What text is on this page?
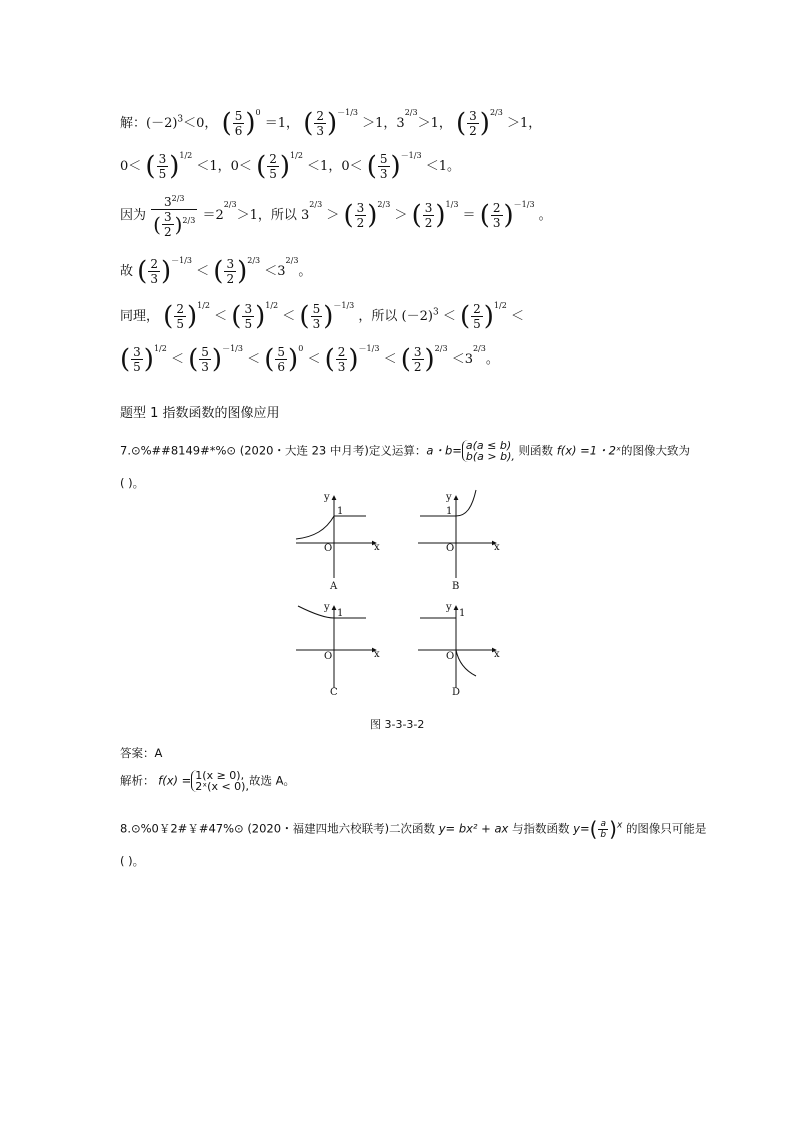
解：$(-2)^3<0$， ( $\frac{5}{6} )^0 =1$， ( $\frac{2}{3} )^{-1/3} >1$，$3^{2/3}>1$， ( $\frac{3}{2} )^{2/3} >1$，
0＜ ( $\frac{3}{5} )^{1/2} <1$，0＜ ( $\frac{2}{5} )^{1/2} <1$，0＜ ( $\frac{5}{3} )^{-1/3} <1$。
因为 $\frac{3^{2/3}}{( \frac{3}{2} )^{2/3}} =2^{2/3}>1$，所以 $3^{2/3}$ ＞ ( $\frac{3}{2} )^{2/3}$ ＞ ( $\frac{3}{2} )^{1/3}$ ＝ ( $\frac{2}{3} )^{-1/3}$ 。
故 ( $\frac{2}{3} )^{-1/3}$ ＜ ( $\frac{3}{2} )^{2/3} <3^{2/3}$。
同理， ( $\frac{2}{5} )^{1/2}$ ＜ ( $\frac{3}{5} )^{1/2}$ ＜ ( $\frac{5}{3} )^{-1/3}$ ，所以 $(-2)^3$ ＜ ( $\frac{2}{5} )^{1/2}$ ＜
( $\frac{3}{5} )^{1/2}$ ＜ ( $\frac{5}{3} )^{-1/3}$ ＜ ( $\frac{5}{6} )^0$ ＜ ( $\frac{2}{3} )^{-1/3}$ ＜ ( $\frac{3}{2} )^{2/3} <3^{2/3}$。
题型 1 指数函数的图像应用
7.⊙%##8149#*%⊙ (2020・大连 23 中月考)定义运算：a・b= a(a ≤ b)
b(a > b), 则函数 f(x) =1・2ˣ的图像大致为
( )。
y
x
O
1
A
y
x
O
1
B
y
x
O
1
C
y
x
O
1
D
图 3-3-3-2
答案：A
解析： f(x) = 1(x ≥ 0),
2ˣ(x < 0), 故选 A。
8.⊙%0￥2#￥#47%⊙ (2020・福建四地六校联考)二次函数 y= bx² + ax 与指数函数 $y=( \frac{a}{b} )^x$ 的图像只可能是
( )。
